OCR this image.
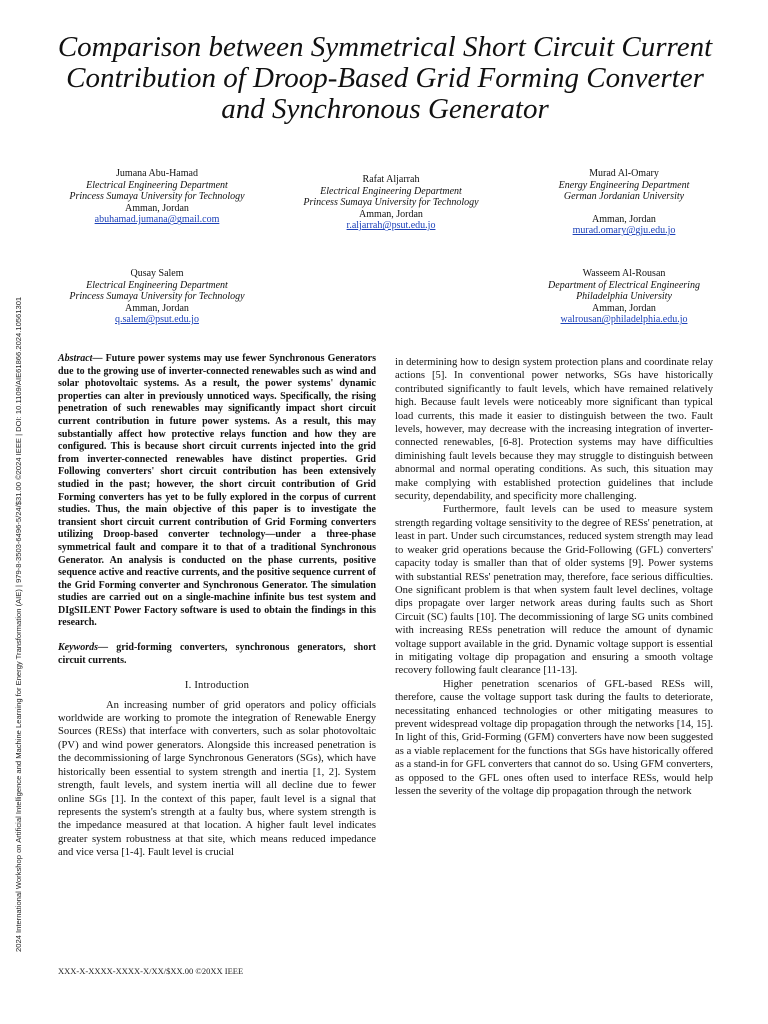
2024 International Workshop on Artificial Intelligence and Machine Learning for Energy Transformation (AIE) | 979-8-3503-6496-5/24/$31.00 ©2024 IEEE | DOI: 10.1109/AIE61866.2024.10561301
Comparison between Symmetrical Short Circuit Current Contribution of Droop-Based Grid Forming Converter and Synchronous Generator
Jumana Abu-Hamad
Electrical Engineering Department
Princess Sumaya University for Technology
Amman, Jordan
abuhamad.jumana@gmail.com
Rafat Aljarrah
Electrical Engineering Department
Princess Sumaya University for Technology
Amman, Jordan
r.aljarrah@psut.edu.jo
Murad Al-Omary
Energy Engineering Department
German Jordanian University
Amman, Jordan
murad.omary@gju.edu.jo
Qusay Salem
Electrical Engineering Department
Princess Sumaya University for Technology
Amman, Jordan
q.salem@psut.edu.jo
Wasseem Al-Rousan
Department of Electrical Engineering
Philadelphia University
Amman, Jordan
walrousan@philadelphia.edu.jo

Abstract— Future power systems may use fewer Synchronous Generators due to the growing use of inverter-connected renewables such as wind and solar photovoltaic systems. As a result, the power systems' dynamic properties can alter in previously unnoticed ways. Specifically, the rising penetration of such renewables may significantly impact short circuit current contribution in future power systems. As a result, this may substantially affect how protective relays function and how they are configured. This is because short circuit currents injected into the grid from inverter-connected renewables have distinct properties. Grid Following converters' short circuit contribution has been extensively studied in the past; however, the short circuit contribution of Grid Forming converters has yet to be fully explored in the corpus of current studies. Thus, the main objective of this paper is to investigate the transient short circuit current contribution of Grid Forming converters utilizing Droop-based converter technology—under a three-phase symmetrical fault and compare it to that of a traditional Synchronous Generator. An analysis is conducted on the phase currents, positive sequence active and reactive currents, and the positive sequence current of the Grid Forming converter and Synchronous Generator. The simulation studies are carried out on a single-machine infinite bus test system and DIgSILENT Power Factory software is used to obtain the findings in this research.

Keywords— grid-forming converters, synchronous generators, short circuit currents.

I. Introduction

An increasing number of grid operators and policy officials worldwide are working to promote the integration of Renewable Energy Sources (RESs) that interface with converters, such as solar photovoltaic (PV) and wind power generators. Alongside this increased penetration is the decommissioning of large Synchronous Generators (SGs), which have historically been essential to system strength and inertia [1, 2]. System strength, fault levels, and system inertia will all decline due to fewer online SGs [1]. In the context of this paper, fault level is a signal that represents the system's strength at a faulty bus, where system strength is the impedance measured at that location. A higher fault level indicates greater system robustness at that site, which means reduced impedance and vice versa [1-4]. Fault level is crucial

in determining how to design system protection plans and coordinate relay actions [5]. In conventional power networks, SGs have historically contributed significantly to fault levels, which have remained relatively high. Because fault levels were noticeably more significant than typical load currents, this made it easier to distinguish between the two. Fault levels, however, may decrease with the increasing integration of inverter-connected renewables, [6-8]. Protection systems may have difficulties diminishing fault levels because they may struggle to distinguish between abnormal and normal operating conditions. As such, this situation may make complying with established protection guidelines that include security, dependability, and specificity more challenging.

Furthermore, fault levels can be used to measure system strength regarding voltage sensitivity to the degree of RESs' penetration, at least in part. Under such circumstances, reduced system strength may lead to weaker grid operations because the Grid-Following (GFL) converters' capacity today is smaller than that of older systems [9]. Power systems with substantial RESs' penetration may, therefore, face serious difficulties. One significant problem is that when system fault level declines, voltage dips propagate over larger network areas during faults such as Short Circuit (SC) faults [10]. The decommissioning of large SG units combined with increasing RESs penetration will reduce the amount of dynamic voltage support available in the grid. Dynamic voltage support is essential in mitigating voltage dip propagation and ensuring a smooth voltage recovery following fault clearance [11-13].

Higher penetration scenarios of GFL-based RESs will, therefore, cause the voltage support task during the faults to deteriorate, necessitating enhanced technologies or other mitigating measures to prevent widespread voltage dip propagation through the networks [14, 15]. In light of this, Grid-Forming (GFM) converters have now been suggested as a viable replacement for the functions that SGs have historically offered as a stand-in for GFL converters that cannot do so. Using GFM converters, as opposed to the GFL ones often used to interface RESs, would help lessen the severity of the voltage dip propagation through the network

XXX-X-XXXX-XXXX-X/XX/$XX.00 ©20XX IEEE
